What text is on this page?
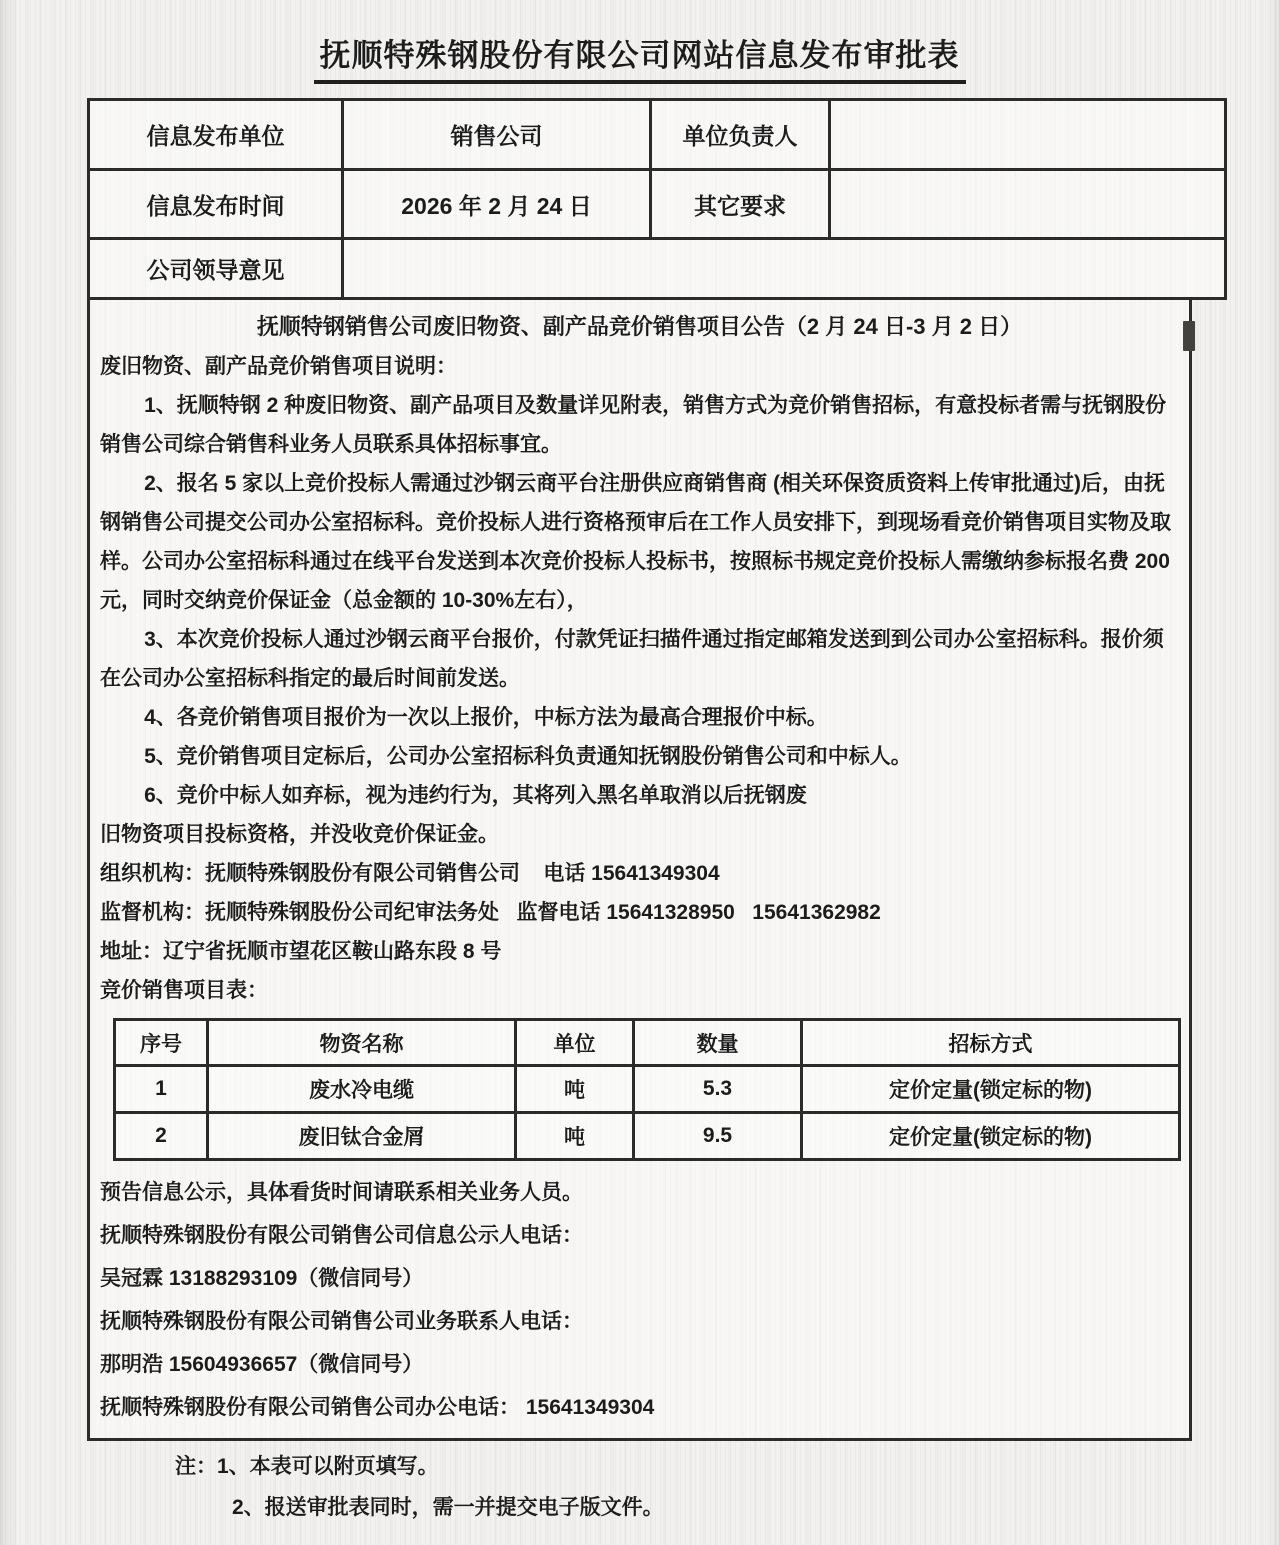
抚顺特殊钢股份有限公司网站信息发布审批表
信息发布单位	销售公司	单位负责人	
信息发布时间	2026 年 2 月 24 日	其它要求	
公司领导意见			
抚顺特钢销售公司废旧物资、副产品竞价销售项目公告（2 月 24 日-3 月 2 日）

废旧物资、副产品竞价销售项目说明：

1、抚顺特钢 2 种废旧物资、副产品项目及数量详见附表，销售方式为竞价销售招标，有意投标者需与抚钢股份销售公司综合销售科业务人员联系具体招标事宜。

2、报名 5 家以上竞价投标人需通过沙钢云商平台注册供应商销售商 (相关环保资质资料上传审批通过)后，由抚钢销售公司提交公司办公室招标科。竞价投标人进行资格预审后在工作人员安排下，到现场看竞价销售项目实物及取样。公司办公室招标科通过在线平台发送到本次竞价投标人投标书，按照标书规定竞价投标人需缴纳参标报名费 200 元，同时交纳竞价保证金（总金额的 10-30%左右），

3、本次竞价投标人通过沙钢云商平台报价，付款凭证扫描件通过指定邮箱发送到到公司办公室招标科。报价须在公司办公室招标科指定的最后时间前发送。

4、各竞价销售项目报价为一次以上报价，中标方法为最高合理报价中标。

5、竞价销售项目定标后，公司办公室招标科负责通知抚钢股份销售公司和中标人。

6、竞价中标人如弃标，视为违约行为，其将列入黑名单取消以后抚钢废

旧物资项目投标资格，并没收竞价保证金。

组织机构：抚顺特殊钢股份有限公司销售公司    电话 15641349304

监督机构：抚顺特殊钢股份公司纪审法务处   监督电话 15641328950   15641362982

地址：辽宁省抚顺市望花区鞍山路东段 8 号

竞价销售项目表：

序号	物资名称	单位	数量	招标方式
1	废水冷电缆	吨	5.3	定价定量(锁定标的物)
2	废旧钛合金屑	吨	9.5	定价定量(锁定标的物)

预告信息公示，具体看货时间请联系相关业务人员。

抚顺特殊钢股份有限公司销售公司信息公示人电话：

吴冠霖 13188293109（微信同号）

抚顺特殊钢股份有限公司销售公司业务联系人电话：

那明浩 15604936657（微信同号）

抚顺特殊钢股份有限公司销售公司办公电话： 15641349304

注：1、本表可以附页填写。

2、报送审批表同时，需一并提交电子版文件。
